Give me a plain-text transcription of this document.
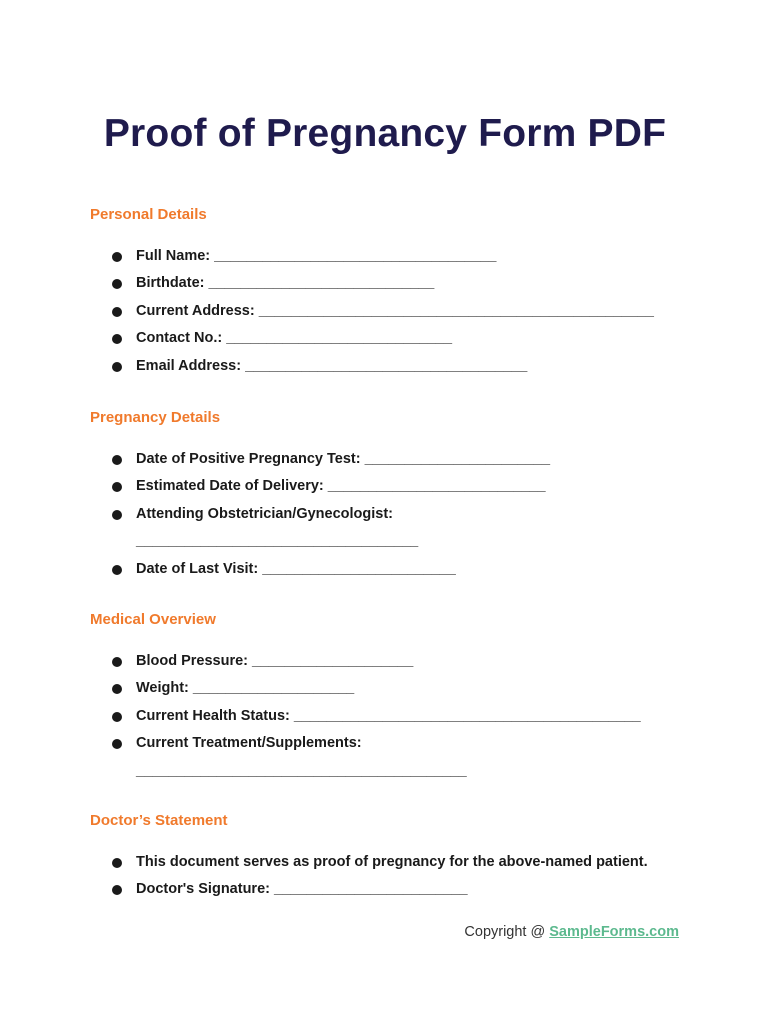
Proof of Pregnancy Form PDF
Personal Details
Full Name: ___________________________________
Birthdate: ____________________________
Current Address: _________________________________________________
Contact No.: ____________________________
Email Address: ___________________________________
Pregnancy Details
Date of Positive Pregnancy Test: _______________________
Estimated Date of Delivery: ___________________________
Attending Obstetrician/Gynecologist:
___________________________________
Date of Last Visit: ________________________
Medical Overview
Blood Pressure: ____________________
Weight: ____________________
Current Health Status: ___________________________________________
Current Treatment/Supplements:
_________________________________________
Doctor’s Statement
This document serves as proof of pregnancy for the above-named patient.
Doctor's Signature: ________________________
Copyright @ SampleForms.com
